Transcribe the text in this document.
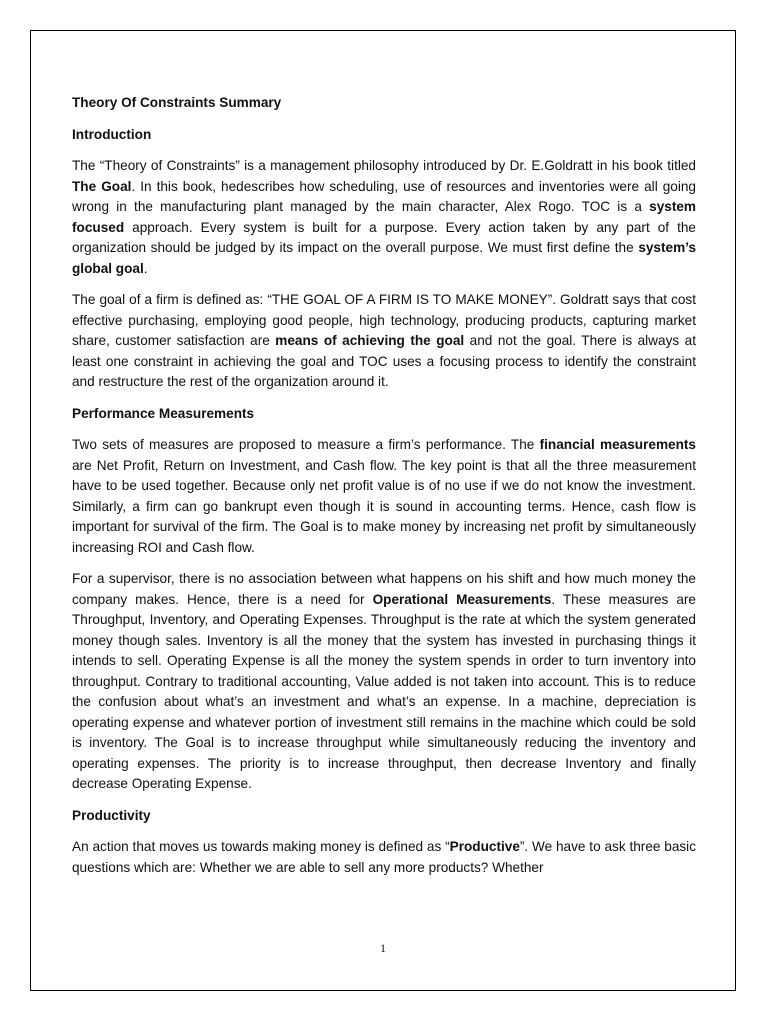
Theory Of Constraints Summary
Introduction

The “Theory of Constraints” is a management philosophy introduced by Dr. E.Goldratt in his book titled The Goal. In this book, hedescribes how scheduling, use of resources and inventories were all going wrong in the manufacturing plant managed by the main character, Alex Rogo. TOC is a system focused approach. Every system is built for a purpose. Every action taken by any part of the organization should be judged by its impact on the overall purpose. We must first define the system’s global goal.

The goal of a firm is defined as: “THE GOAL OF A FIRM IS TO MAKE MONEY”. Goldratt says that cost effective purchasing, employing good people, high technology, producing products, capturing market share, customer satisfaction are means of achieving the goal and not the goal. There is always at least one constraint in achieving the goal and TOC uses a focusing process to identify the constraint and restructure the rest of the organization around it.

Performance Measurements

Two sets of measures are proposed to measure a firm’s performance. The financial measurements are Net Profit, Return on Investment, and Cash flow. The key point is that all the three measurement have to be used together. Because only net profit value is of no use if we do not know the investment. Similarly, a firm can go bankrupt even though it is sound in accounting terms. Hence, cash flow is important for survival of the firm. The Goal is to make money by increasing net profit by simultaneously increasing ROI and Cash flow.

For a supervisor, there is no association between what happens on his shift and how much money the company makes. Hence, there is a need for Operational Measurements. These measures are Throughput, Inventory, and Operating Expenses. Throughput is the rate at which the system generated money though sales. Inventory is all the money that the system has invested in purchasing things it intends to sell. Operating Expense is all the money the system spends in order to turn inventory into throughput. Contrary to traditional accounting, Value added is not taken into account. This is to reduce the confusion about what’s an investment and what’s an expense. In a machine, depreciation is operating expense and whatever portion of investment still remains in the machine which could be sold is inventory. The Goal is to increase throughput while simultaneously reducing the inventory and operating expenses. The priority is to increase throughput, then decrease Inventory and finally decrease Operating Expense.

Productivity

An action that moves us towards making money is defined as “Productive”. We have to ask three basic questions which are: Whether we are able to sell any more products? Whether

1
